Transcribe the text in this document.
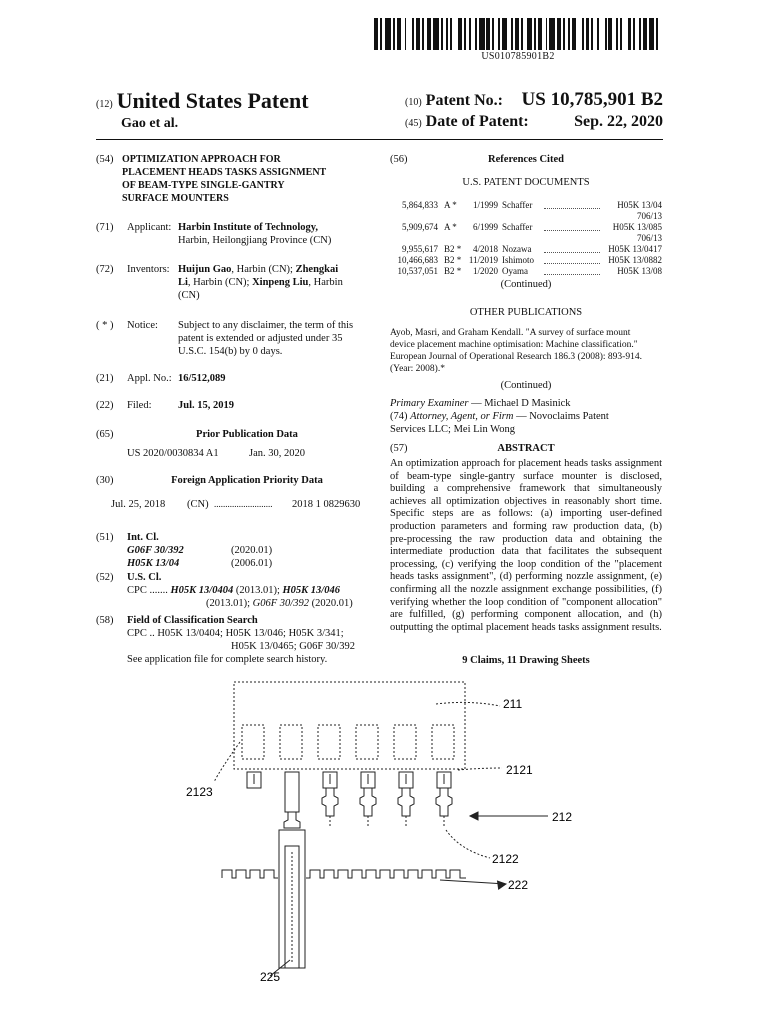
US010785901B2
(12) United States Patent
Gao et al.
(10) Patent No.: US 10,785,901 B2
(45) Date of Patent:	Sep. 22, 2020
(54) OPTIMIZATION APPROACH FOR
PLACEMENT HEADS TASKS ASSIGNMENT
OF BEAM-TYPE SINGLE-GANTRY
SURFACE MOUNTERS
(71) Applicant: Harbin Institute of Technology,
Harbin, Heilongjiang Province (CN)
(72) Inventors: Huijun Gao, Harbin (CN); Zhengkai
Li, Harbin (CN); Xinpeng Liu, Harbin
(CN)
( * ) Notice: Subject to any disclaimer, the term of this
patent is extended or adjusted under 35
U.S.C. 154(b) by 0 days.
(21) Appl. No.: 16/512,089
(22) Filed:	Jul. 15, 2019
(65)	Prior Publication Data
US 2020/0030834 A1	Jan. 30, 2020
(30)	Foreign Application Priority Data
Jul. 25, 2018 (CN) .......................... 2018 1 0829630
(51) Int. Cl.
G06F 30/392	(2020.01)
H05K 13/04	(2006.01)
(52) U.S. Cl.
CPC ....... H05K 13/0404 (2013.01); H05K 13/046
(2013.01); G06F 30/392 (2020.01)
(58) Field of Classification Search
CPC .. H05K 13/0404; H05K 13/046; H05K 3/341;
H05K 13/0465; G06F 30/392
See application file for complete search history.
(56)	References Cited
U.S. PATENT DOCUMENTS
5,864,833 A *	1/1999 Schaffer	H05K 13/04
706/13
5,909,674 A *	6/1999 Schaffer	H05K 13/085
706/13
9,955,617 B2 *	4/2018 Nozawa	H05K 13/0417
10,466,683 B2 * 11/2019 Ishimoto	H05K 13/0882
10,537,051 B2 *	1/2020 Oyama	H05K 13/08
(Continued)
OTHER PUBLICATIONS
Ayob, Masri, and Graham Kendall. "A survey of surface mount
device placement machine optimisation: Machine classification."
European Journal of Operational Research 186.3 (2008): 893-914.
(Year: 2008).*
(Continued)
Primary Examiner — Michael D Masinick
(74) Attorney, Agent, or Firm — Novoclaims Patent
Services LLC; Mei Lin Wong
(57)	ABSTRACT
An optimization approach for placement heads tasks assignment of beam-type single-gantry surface mounter is disclosed, building a comprehensive framework that simultaneously achieves all optimization objectives in reasonably short time. Specific steps are as follows: (a) importing user-defined production parameters and forming raw production data, (b) pre-processing the raw production data and obtaining the intermediate production data that facilitates the subsequent processing, (c) verifying the loop condition of the "placement heads tasks assignment", (d) performing nozzle assignment, (e) confirming all the nozzle assignment exchange possibilities, (f) verifying whether the loop condition of "component allocation" are fulfilled, (g) performing component allocation, and (h) outputting the optimal placement heads tasks assignment results.
9 Claims, 11 Drawing Sheets
211
2121
2123
212
2122
222
225
